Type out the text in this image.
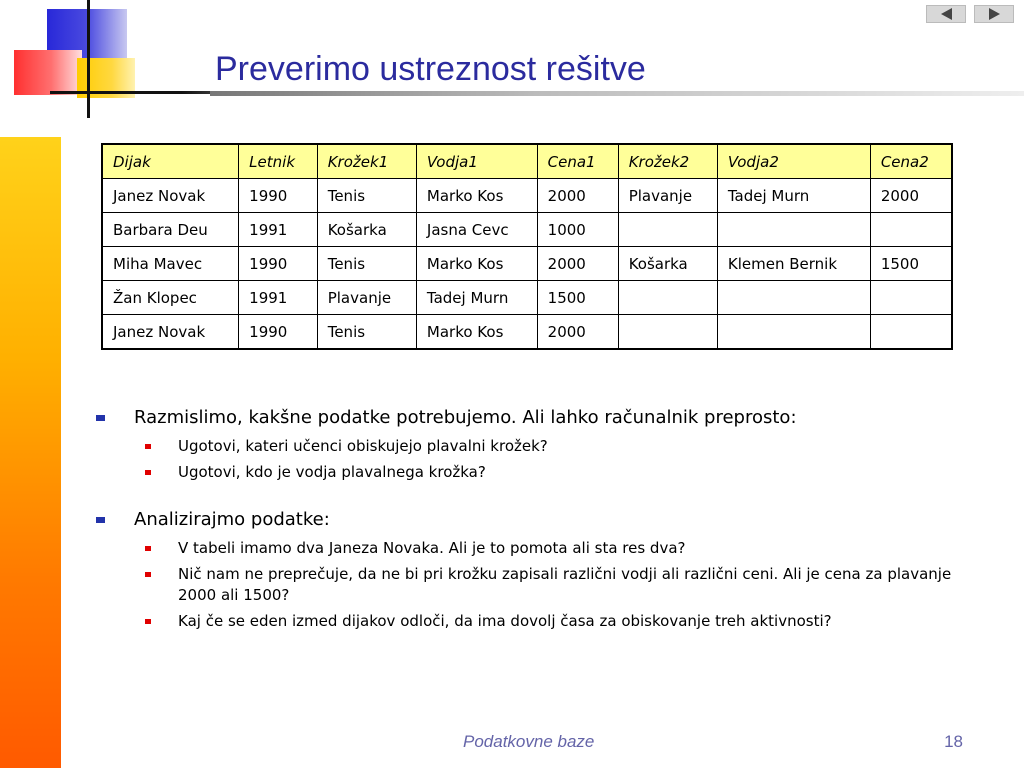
Preverimo ustreznost rešitve
Dijak	Letnik	Krožek1	Vodja1	Cena1	Krožek2	Vodja2	Cena2
Janez Novak	1990	Tenis	Marko Kos	2000	Plavanje	Tadej Murn	2000
Barbara Deu	1991	Košarka	Jasna Cevc	1000			
Miha Mavec	1990	Tenis	Marko Kos	2000	Košarka	Klemen Bernik	1500
Žan Klopec	1991	Plavanje	Tadej Murn	1500			
Janez Novak	1990	Tenis	Marko Kos	2000			
Razmislimo, kakšne podatke potrebujemo. Ali lahko računalnik preprosto:
Ugotovi, kateri učenci obiskujejo plavalni krožek?
Ugotovi, kdo je vodja plavalnega krožka?
Analizirajmo podatke:
V tabeli imamo dva Janeza Novaka. Ali je to pomota ali sta res dva?
Nič nam ne preprečuje, da ne bi pri krožku zapisali različni vodji ali različni ceni. Ali je cena za plavanje 2000 ali 1500?
Kaj če se eden izmed dijakov odloči, da ima dovolj časa za obiskovanje treh aktivnosti?
Podatkovne baze	18
